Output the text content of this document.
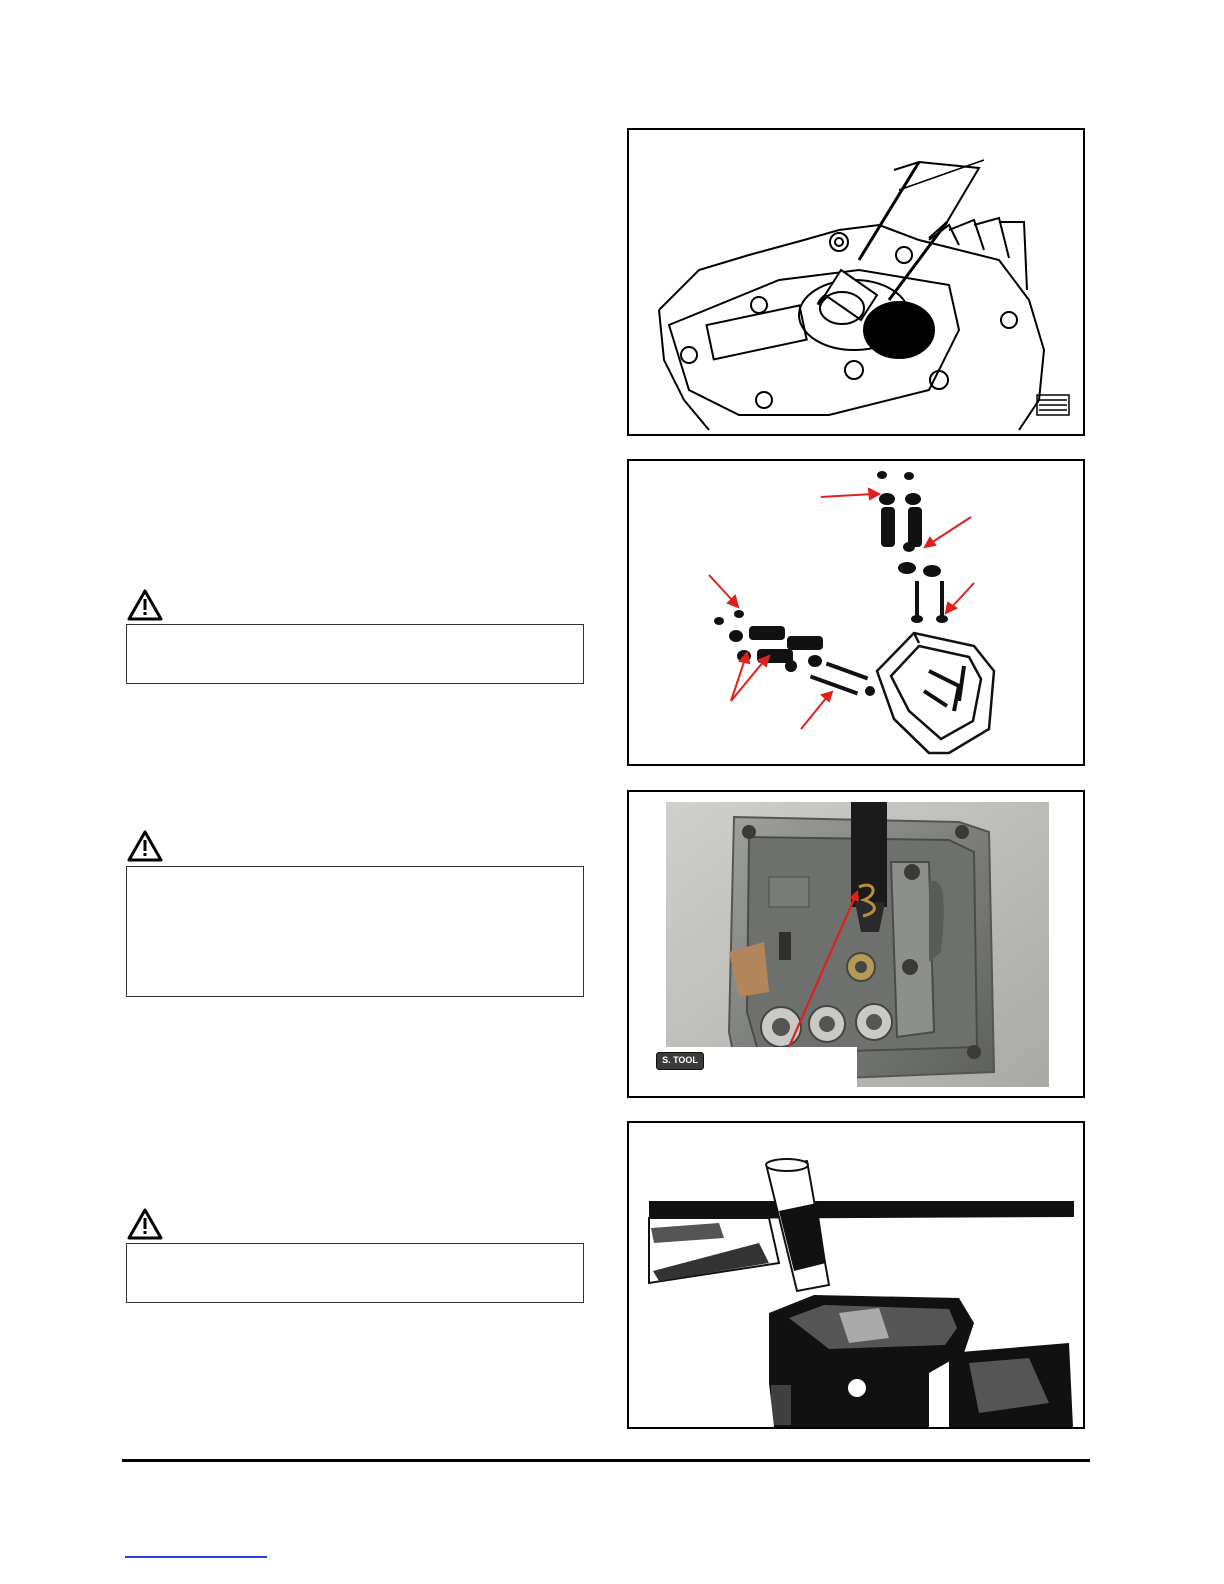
S. TOOL
